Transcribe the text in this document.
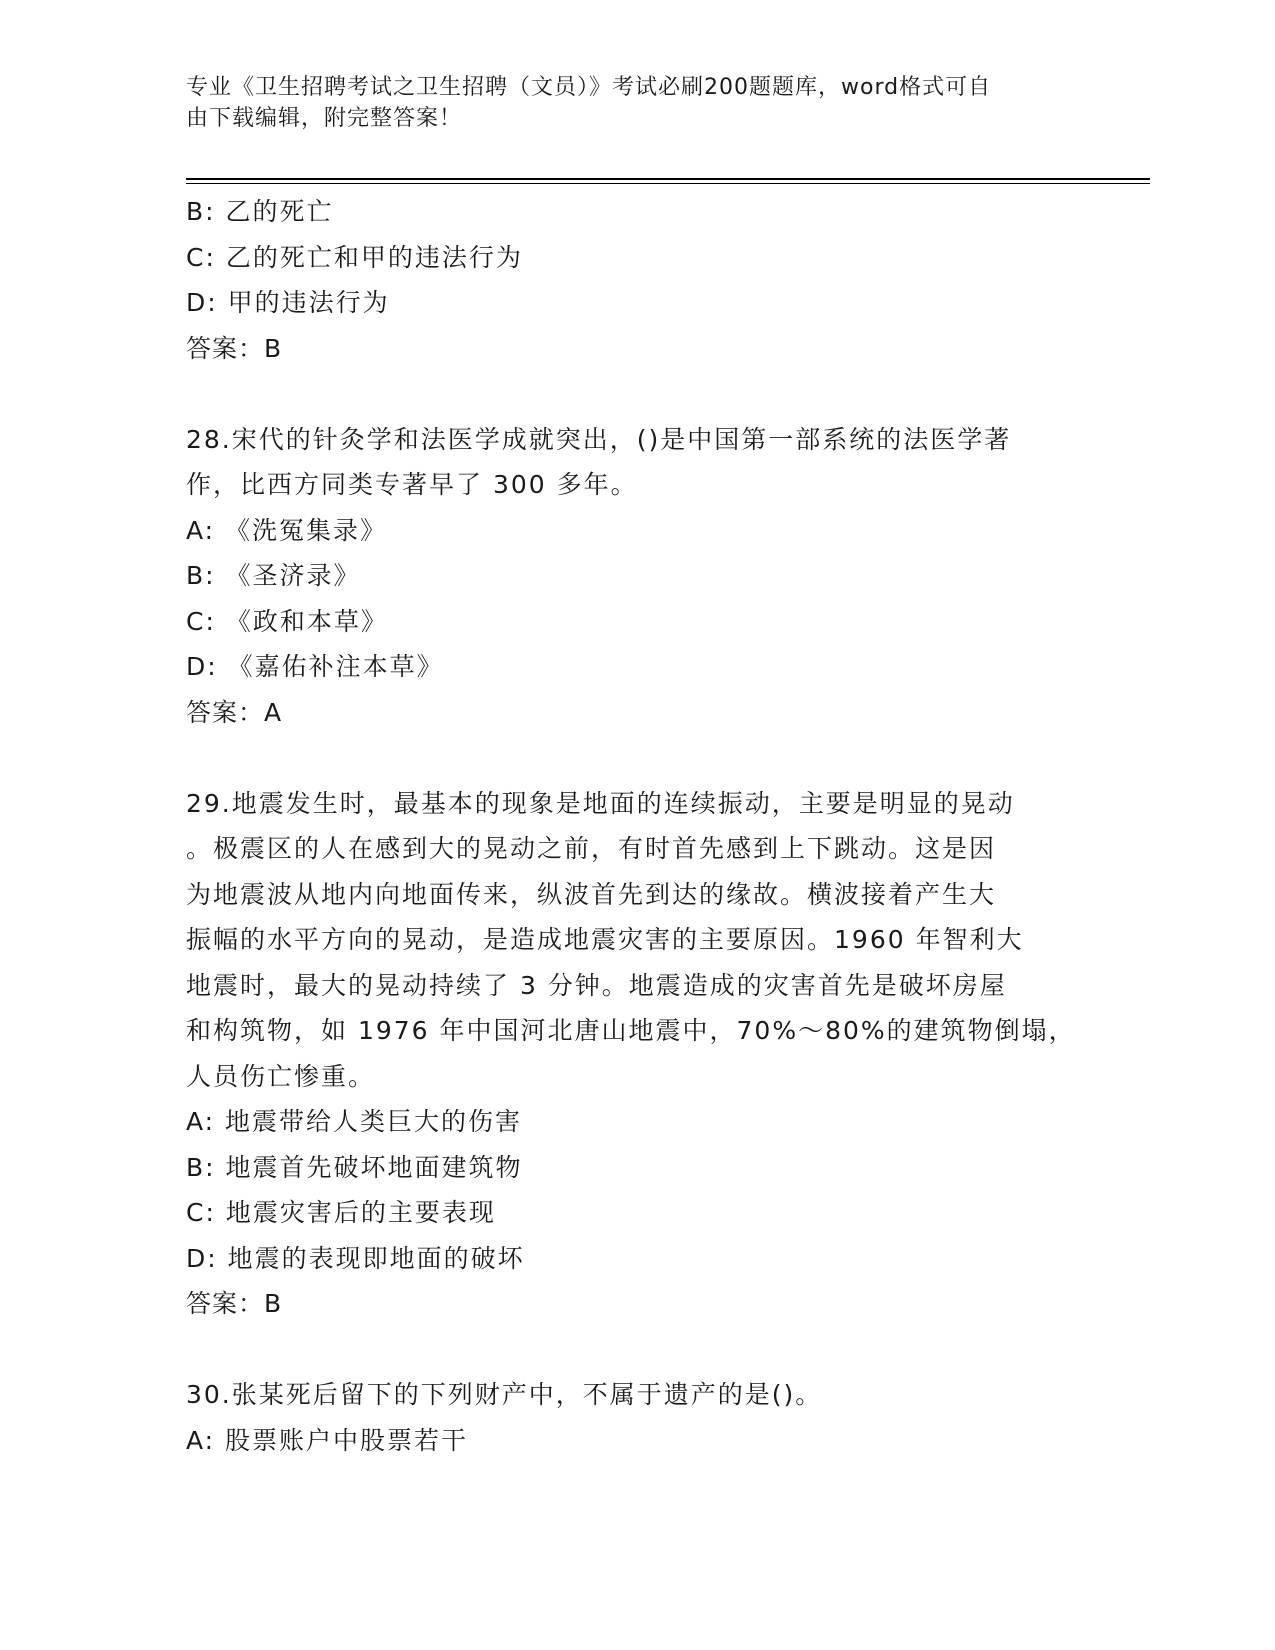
专业《卫生招聘考试之卫生招聘（文员）》考试必刷200题题库，word格式可自
由下载编辑，附完整答案！
B: 乙的死亡
C: 乙的死亡和甲的违法行为
D: 甲的违法行为
答案：B
28.宋代的针灸学和法医学成就突出，()是中国第一部系统的法医学著
作，比西方同类专著早了 300 多年。
A: 《洗冤集录》
B: 《圣济录》
C: 《政和本草》
D: 《嘉佑补注本草》
答案：A
29.地震发生时，最基本的现象是地面的连续振动，主要是明显的晃动
。极震区的人在感到大的晃动之前，有时首先感到上下跳动。这是因
为地震波从地内向地面传来，纵波首先到达的缘故。横波接着产生大
振幅的水平方向的晃动，是造成地震灾害的主要原因。1960 年智利大
地震时，最大的晃动持续了 3 分钟。地震造成的灾害首先是破坏房屋
和构筑物，如 1976 年中国河北唐山地震中，70%～80%的建筑物倒塌，
人员伤亡惨重。
A: 地震带给人类巨大的伤害
B: 地震首先破坏地面建筑物
C: 地震灾害后的主要表现
D: 地震的表现即地面的破坏
答案：B
30.张某死后留下的下列财产中，不属于遗产的是()。
A: 股票账户中股票若干
